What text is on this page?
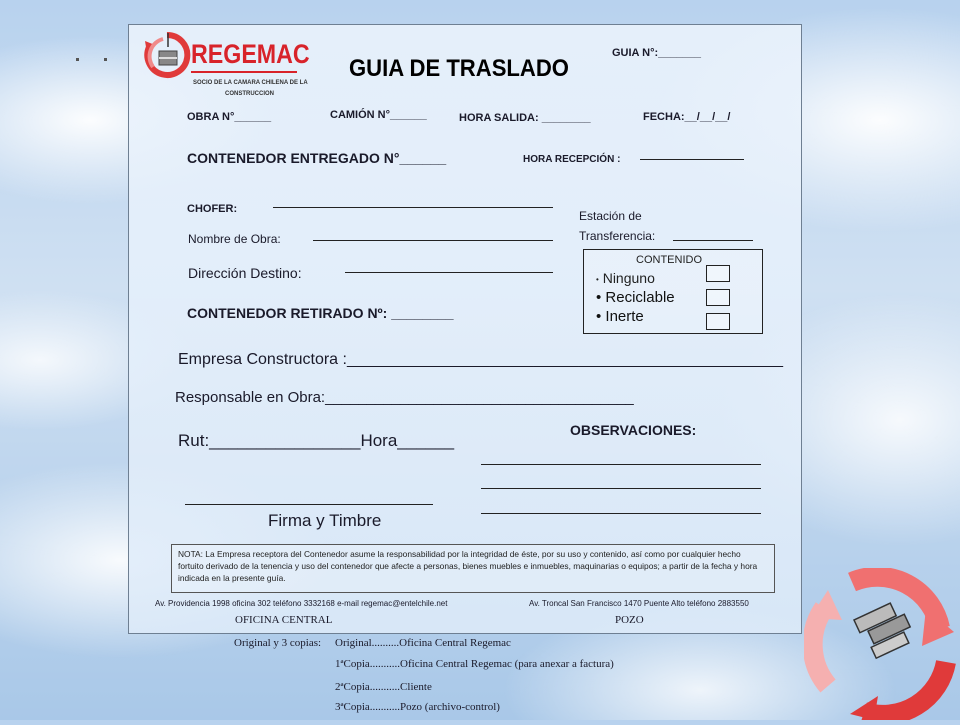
REGEMAC
SOCIO DE LA CAMARA CHILENA DE LA
CONSTRUCCION
GUIA DE TRASLADO
GUIA N°:_______
OBRA N°______	CAMIÓN N°______	HORA SALIDA: ________	FECHA:__/__/__/
CONTENEDOR ENTREGADO N°______	HORA RECEPCIÓN :
CHOFER:	Estación de
Transferencia:
Nombre de Obra:
Dirección Destino:
CONTENIDO
• Ninguno
• Reciclable
• Inerte
CONTENEDOR RETIRADO Nº: ________
Empresa Constructora :_________________________________________________
Responsable en Obra:_____________________________________
OBSERVACIONES:
Rut:________________Hora______
Firma y Timbre
NOTA: La Empresa receptora del Contenedor asume la responsabilidad por la integridad de éste, por su uso y contenido, así como por cualquier hecho fortuito derivado de la tenencia y uso del contenedor que afecte a personas, bienes muebles e inmuebles, maquinarias o equipos; a partir de la fecha y hora indicada en la presente guía.
Av. Providencia 1998 oficina 302 teléfono 3332168 e-mail regemac@entelchile.net	Av. Troncal San Francisco 1470 Puente Alto teléfono 2883550
OFICINA CENTRAL	POZO
Original y 3 copias: Original..........Oficina Central Regemac
1ªCopia...........Oficina Central Regemac (para anexar a factura)
2ªCopia...........Cliente
3ªCopia...........Pozo (archivo-control)
